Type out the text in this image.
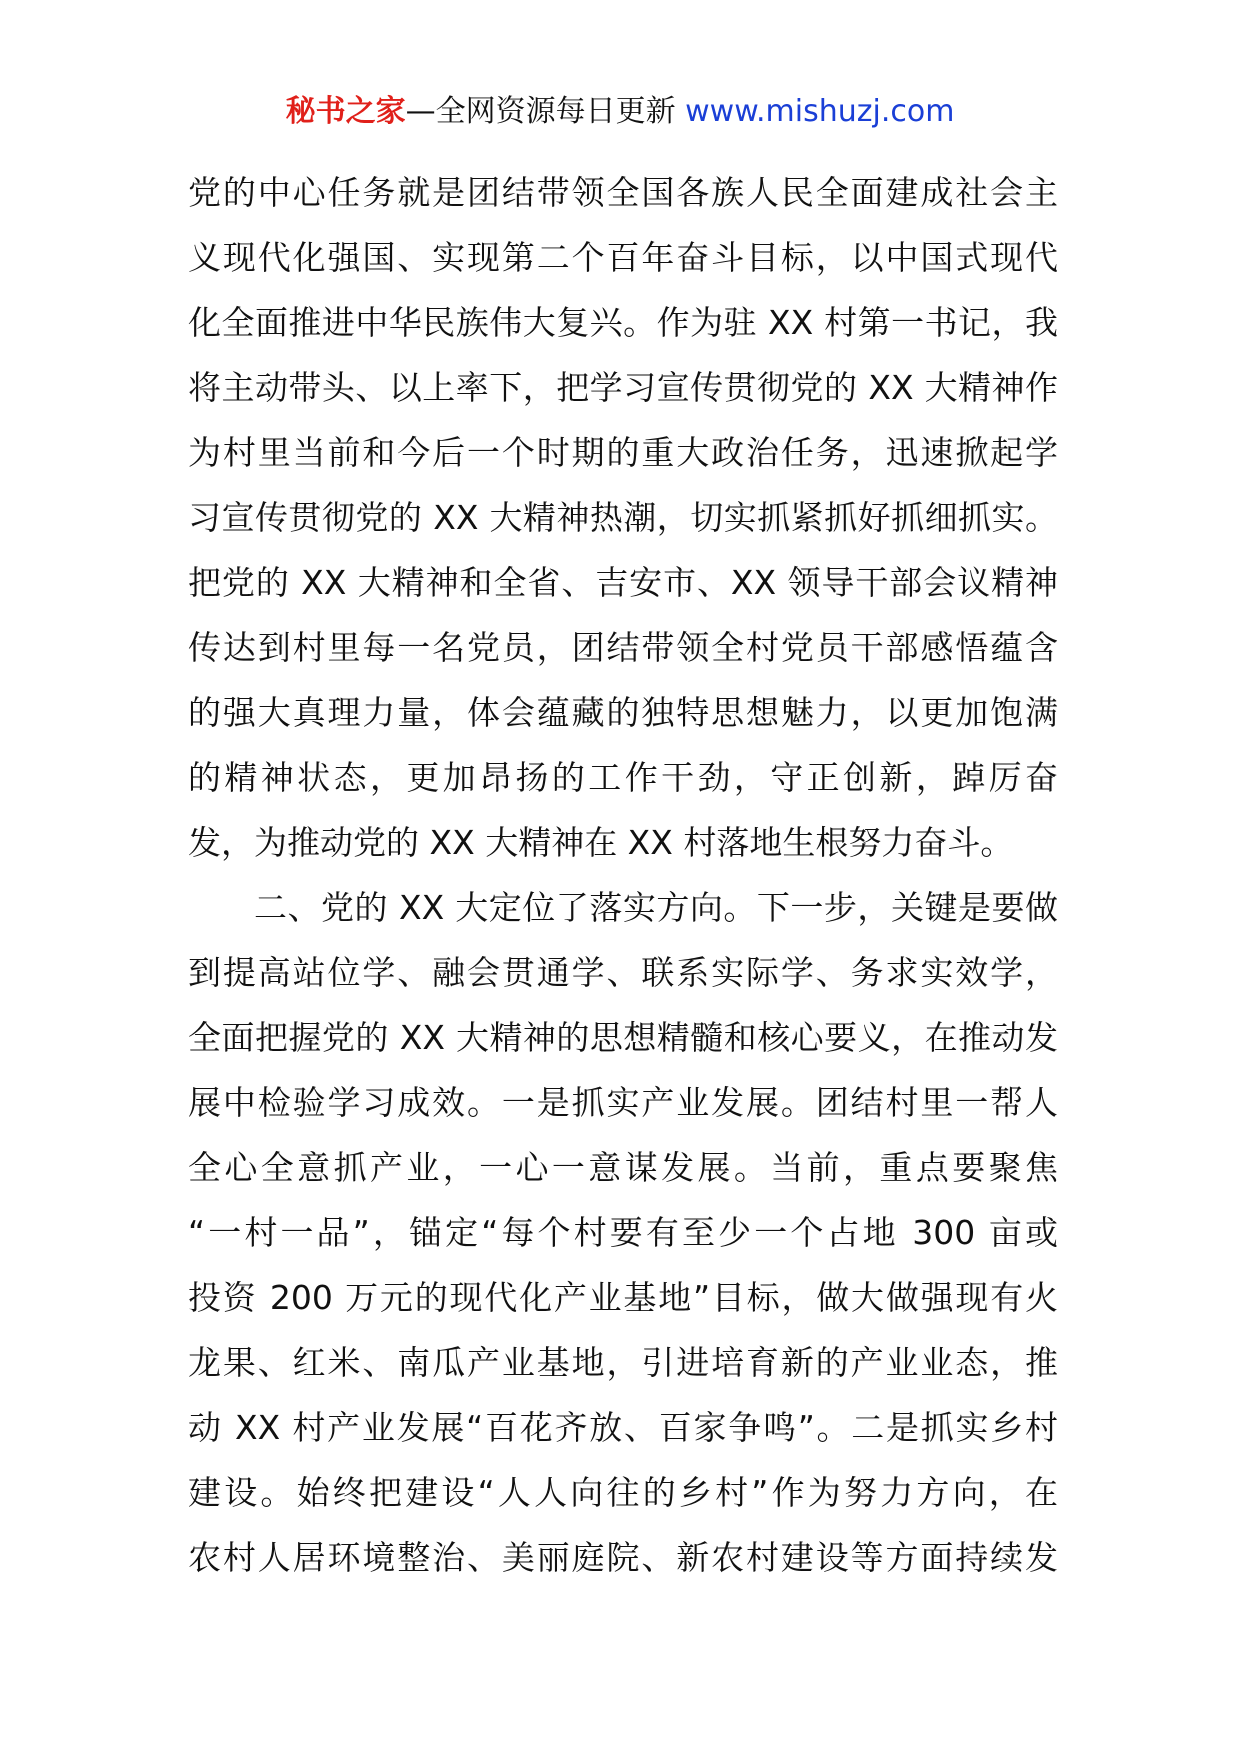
秘书之家—全网资源每日更新 www.mishuzj.com
党的中心任务就是团结带领全国各族人民全面建成社会主
义现代化强国、实现第二个百年奋斗目标，以中国式现代
化全面推进中华民族伟大复兴。作为驻 XX 村第一书记，我
将主动带头、以上率下，把学习宣传贯彻党的 XX 大精神作
为村里当前和今后一个时期的重大政治任务，迅速掀起学
习宣传贯彻党的 XX 大精神热潮，切实抓紧抓好抓细抓实。
把党的 XX 大精神和全省、吉安市、XX 领导干部会议精神
传达到村里每一名党员，团结带领全村党员干部感悟蕴含
的强大真理力量，体会蕴藏的独特思想魅力，以更加饱满
的精神状态，更加昂扬的工作干劲，守正创新，踔厉奋
发，为推动党的 XX 大精神在 XX 村落地生根努力奋斗。
二、党的 XX 大定位了落实方向。下一步，关键是要做
到提高站位学、融会贯通学、联系实际学、务求实效学，
全面把握党的 XX 大精神的思想精髓和核心要义，在推动发
展中检验学习成效。一是抓实产业发展。团结村里一帮人
全心全意抓产业，一心一意谋发展。当前，重点要聚焦
“一村一品”，锚定“每个村要有至少一个占地 300 亩或
投资 200 万元的现代化产业基地”目标，做大做强现有火
龙果、红米、南瓜产业基地，引进培育新的产业业态，推
动 XX 村产业发展“百花齐放、百家争鸣”。二是抓实乡村
建设。始终把建设“人人向往的乡村”作为努力方向，在
农村人居环境整治、美丽庭院、新农村建设等方面持续发
